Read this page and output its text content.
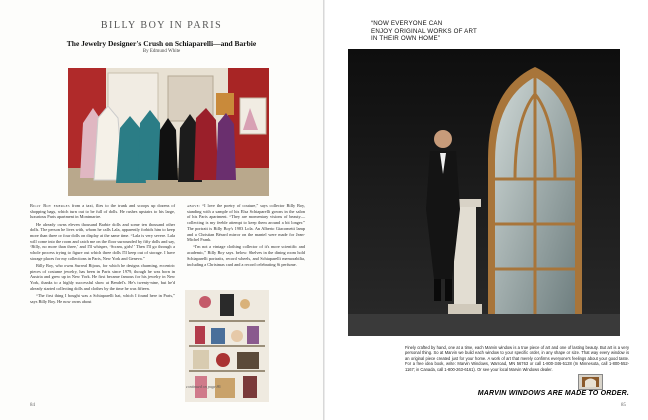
BILLY BOY IN PARIS
The Jewelry Designer's Crush on Schiaparelli—and Barbie
By Edmund White

Billy Boy emerges from a taxi, flies to the trunk and scoops up dozens of shopping bags, which turn out to be full of dolls. He rushes upstairs to his large, luxurious Paris apartment in Montmartre.

He already owns eleven thousand Barbie dolls and some ten thousand other dolls. The person he lives with, whom he calls Lala, apparently forbids him to keep more than three or four dolls on display at the same time. “Lala is very severe. Lala will come into the room and catch me on the floor surrounded by fifty dolls and say, ‘Billy, no more than three,’ and I'll whisper, ‘Scram, girls!’ Then I'll go through a whole process trying to figure out which three dolls I'll keep out of storage. I have storage places for my collections in Paris, New York and Geneva.”

Billy Boy, who owns Surreal Bijoux, for which he designs charming, eccentric pieces of costume jewelry, has been in Paris since 1979, though he was born in Austria and grew up in New York. He first became famous for his jewelry in New York, thanks to a highly successful show at Bendel's. He's twenty-nine, but he'd already started collecting dolls and clothes by the time he was fifteen.

“The first thing I bought was a Schiaparelli hat, which I found here in Paris,” says Billy Boy. He now owns about

above: “I love the poetry of couture,” says collector Billy Boy, standing with a sample of his Elsa Schiaparelli gowns in the salon of his Paris apartment. “They are momentary visions of beauty—collecting is my feeble attempt to keep them around a bit longer.” The portrait is Billy Boy's 1983 Lola. An Alberto Giacometti lamp and a Christian Bérard mirror on the mantel were made for Jean-Michel Frank.

“I'm not a vintage clothing collector of it's more scientific and academic,” Billy Boy says. below: Shelves in the dining room hold Schiaparelli portraits, record wheels, and Schiaparelli memorabilia, including a Christmas card and a record celebrating Si perfume.

continued on page 86
84
“NOW EVERYONE CAN
ENJOY ORIGINAL WORKS OF ART
IN THEIR OWN HOME”
Finely crafted by hand, one at a time, each Marvin window is a true piece of art and one of lasting beauty. But art is a very personal thing. So at Marvin we build each window to your specific order, in any shape or size. That way every window is an original piece created just for your home. A work of art that merely confirms everyone's feelings about your good taste. For a free idea book, write: Marvin Windows, Warroad, MN 56763 or call 1-800-346-5128 (In Minnesota, call 1-800-552-1167; in Canada, call 1-800-263-6161). Or see your local Marvin Windows dealer.
MARVIN WINDOWS ARE MADE TO ORDER.
85
